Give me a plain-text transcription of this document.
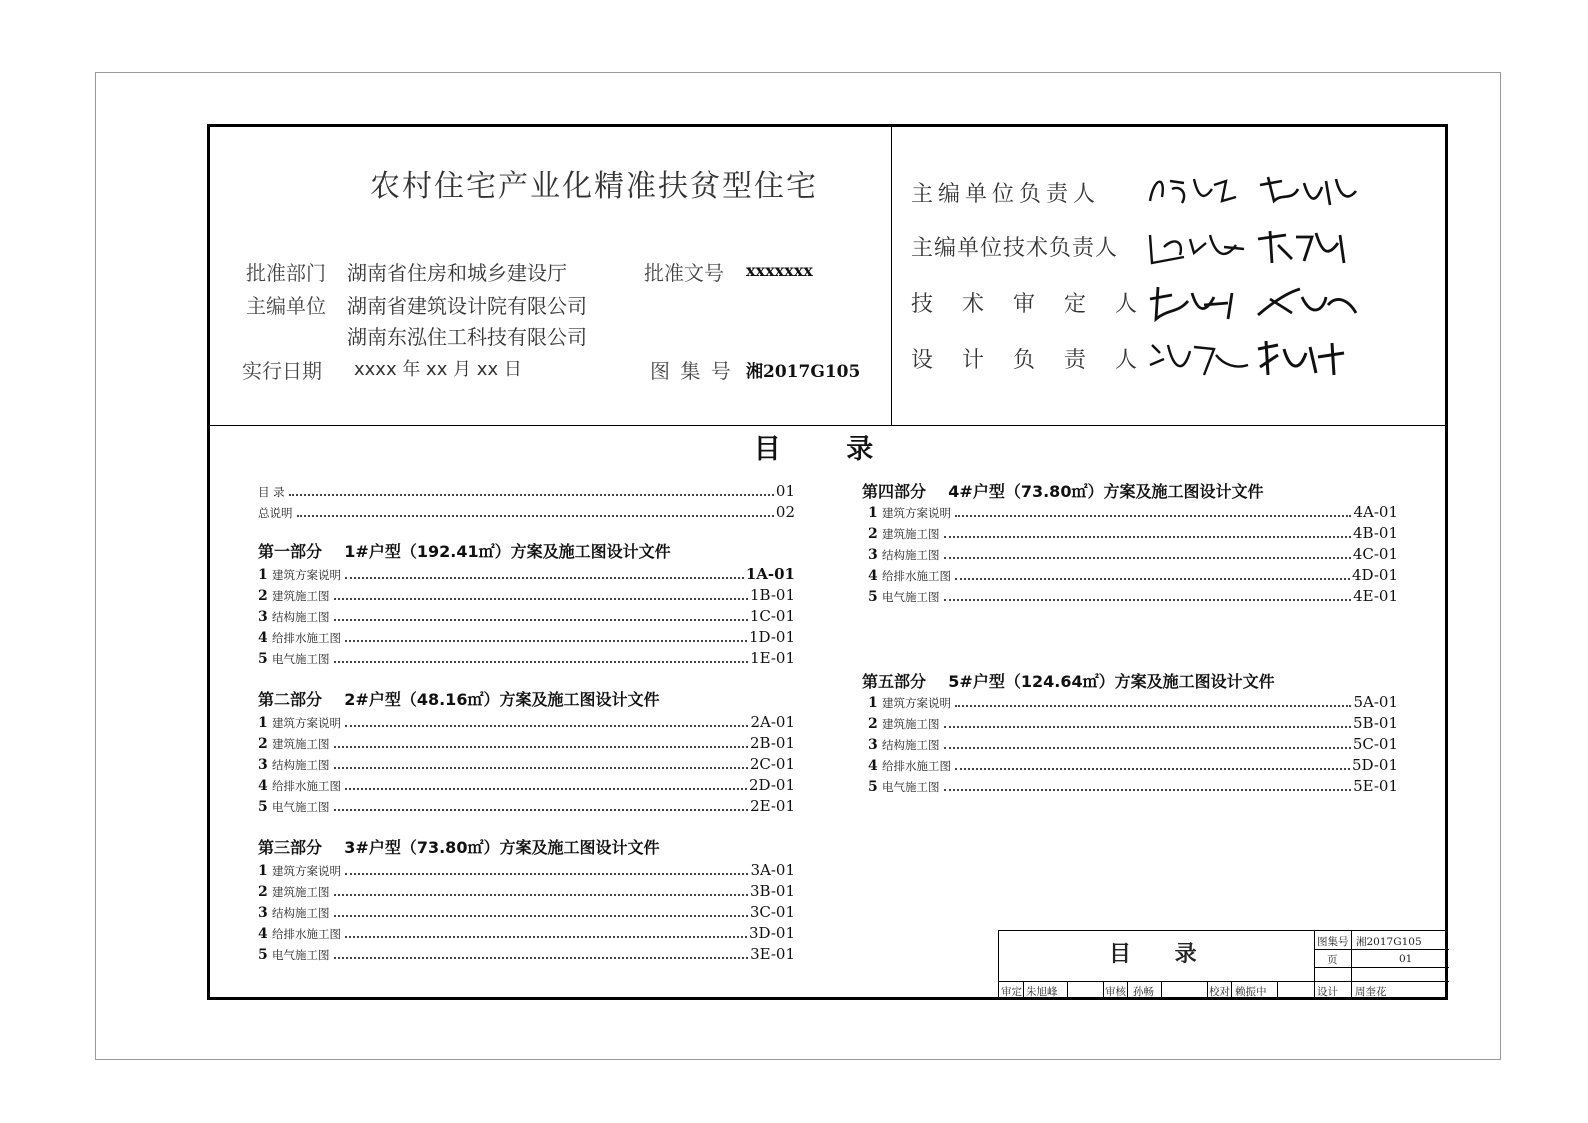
农村住宅产业化精准扶贫型住宅
批准部门 湖南省住房和城乡建设厅	批准文号 xxxxxxx
主编单位 湖南省建筑设计院有限公司
湖南东泓住工科技有限公司
实行日期 xxxx 年 xx 月 xx 日	图 集 号 湘2017G105
主编单位负责人
主编单位技术负责人
技 术 审 定 人
设 计 负 责 人
目 录
目 录	01
总说明	02
第一部分 1#户型（192.41㎡）方案及施工图设计文件
1 建筑方案说明	1A-01
2 建筑施工图	1B-01
3 结构施工图	1C-01
4 给排水施工图	1D-01
5 电气施工图	1E-01
第二部分 2#户型（48.16㎡）方案及施工图设计文件
1 建筑方案说明	2A-01
2 建筑施工图	2B-01
3 结构施工图	2C-01
4 给排水施工图	2D-01
5 电气施工图	2E-01
第三部分 3#户型（73.80㎡）方案及施工图设计文件
1 建筑方案说明	3A-01
2 建筑施工图	3B-01
3 结构施工图	3C-01
4 给排水施工图	3D-01
5 电气施工图	3E-01
第四部分 4#户型（73.80㎡）方案及施工图设计文件
1 建筑方案说明	4A-01
2 建筑施工图	4B-01
3 结构施工图	4C-01
4 给排水施工图	4D-01
5 电气施工图	4E-01
第五部分 5#户型（124.64㎡）方案及施工图设计文件
1 建筑方案说明	5A-01
2 建筑施工图	5B-01
3 结构施工图	5C-01
4 给排水施工图	5D-01
5 电气施工图	5E-01
目 录	图集号 湘2017G105
页	01
审定 朱旭峰	审核 孙畅	校对 赖振中	设计 周奎花
